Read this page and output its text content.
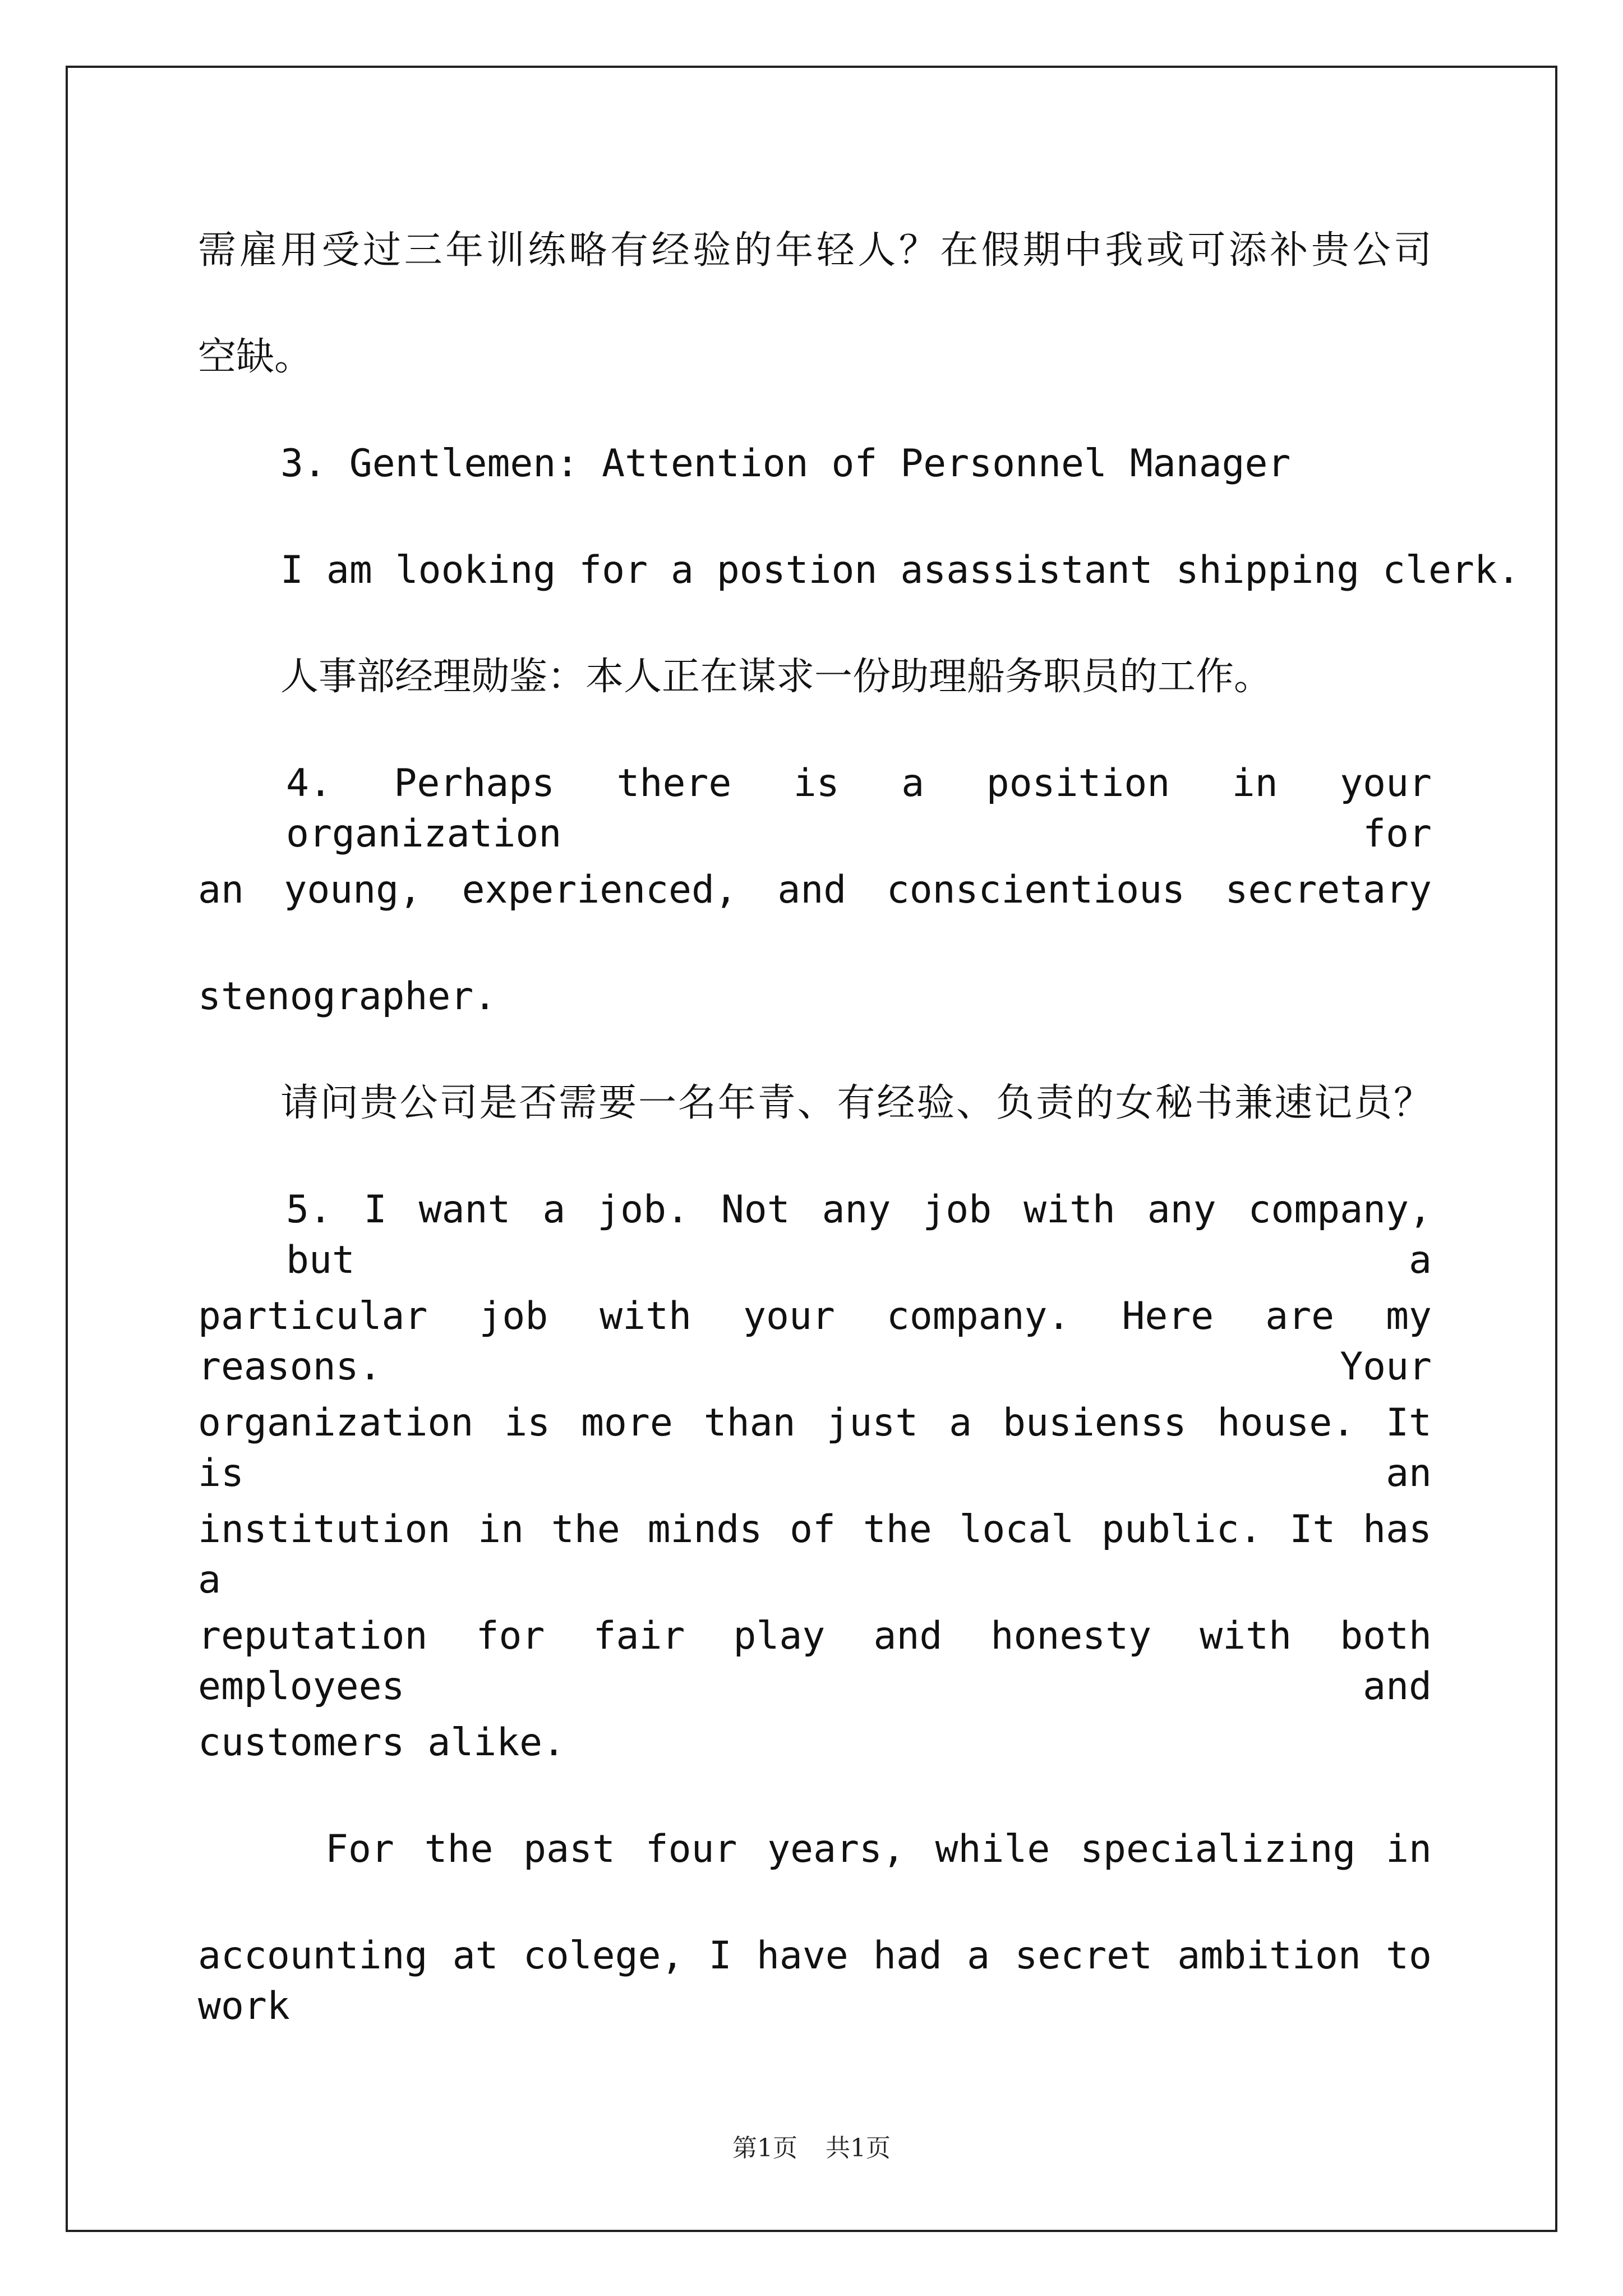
需雇用受过三年训练略有经验的年轻人？在假期中我或可添补贵公司
空缺。
3. Gentlemen: Attention of Personnel Manager
I am looking for a postion asassistant shipping clerk.
人事部经理勋鉴：本人正在谋求一份助理船务职员的工作。
4. Perhaps there is a position in your organization for
an young, experienced, and conscientious secretary
stenographer.
请问贵公司是否需要一名年青、有经验、负责的女秘书兼速记员？
5. I want a job. Not any job with any company, but a
particular job with your company. Here are my reasons. Your
organization is more than just a busienss house. It is an
institution in the minds of the local public. It has a
reputation for fair play and honesty with both employees and
customers alike.
For the past four years, while specializing in
accounting at colege, I have had a secret ambition to work
第1页 共1页
